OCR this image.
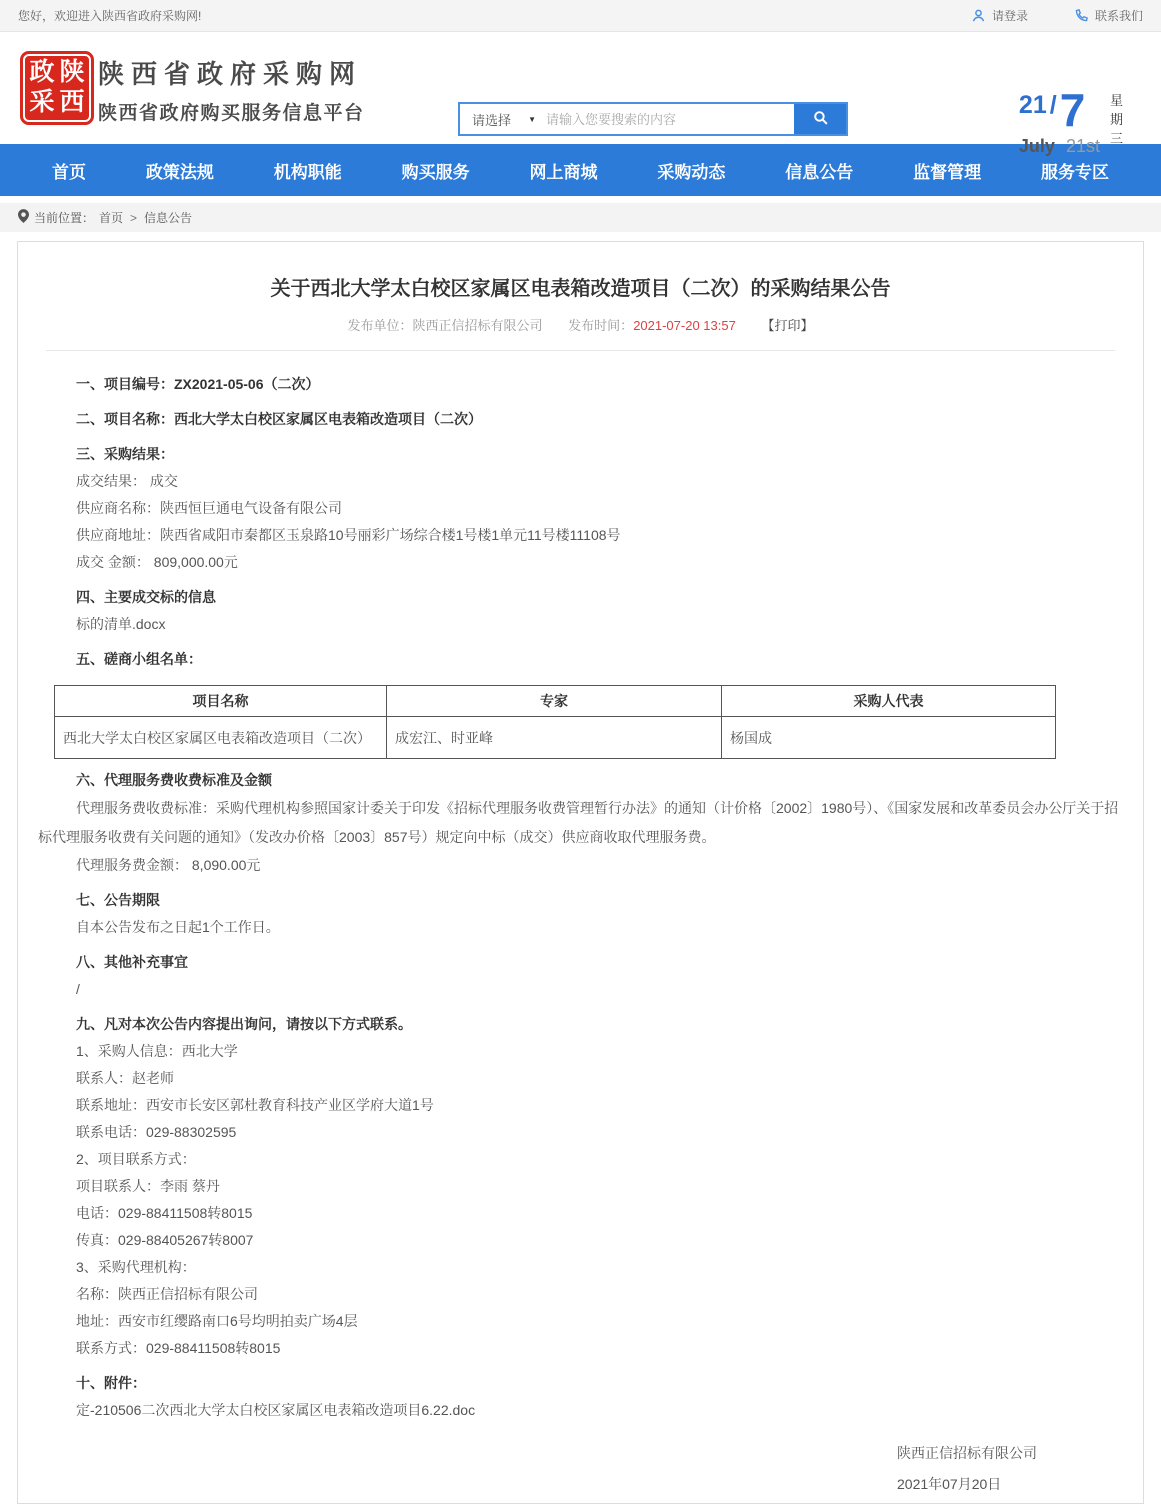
您好，欢迎进入陕西省政府采购网!	请登录	联系我们
政 陕
采 西
陕西省政府采购网
陕西省政府购买服务信息平台	请选择 ▼
请输入您要搜索的内容	21 / 7
July 21st
星期三
首页	政策法规	机构职能	购买服务	网上商城	采购动态	信息公告	监督管理	服务专区
当前位置： 首页 > 信息公告
关于西北大学太白校区家属区电表箱改造项目（二次）的采购结果公告
发布单位：陕西正信招标有限公司 发布时间：2021-07-20 13:57 【打印】

一、项目编号：ZX2021-05-06（二次）

二、项目名称：西北大学太白校区家属区电表箱改造项目（二次）

三、采购结果：

成交结果： 成交

供应商名称：陕西恒巨通电气设备有限公司

供应商地址：陕西省咸阳市秦都区玉泉路10号丽彩广场综合楼1号楼1单元11号楼11108号

成交 金额： 809,000.00元

四、主要成交标的信息

标的清单.docx

五、磋商小组名单：

项目名称	专家	采购人代表
西北大学太白校区家属区电表箱改造项目（二次）	成宏江、时亚峰	杨国成

六、代理服务费收费标准及金额

代理服务费收费标准：采购代理机构参照国家计委关于印发《招标代理服务收费管理暂行办法》的通知（计价格〔2002〕1980号）、《国家发展和改革委员会办公厅关于招标代理服务收费有关问题的通知》（发改办价格〔2003〕857号）规定向中标（成交）供应商收取代理服务费。

代理服务费金额： 8,090.00元

七、公告期限

自本公告发布之日起1个工作日。

八、其他补充事宜

/

九、凡对本次公告内容提出询问，请按以下方式联系。

1、采购人信息：西北大学

联系人：赵老师

联系地址：西安市长安区郭杜教育科技产业区学府大道1号

联系电话：029-88302595

2、项目联系方式：

项目联系人：李雨 蔡丹

电话：029-88411508转8015

传真：029-88405267转8007

3、采购代理机构：

名称：陕西正信招标有限公司

地址：西安市红缨路南口6号均明拍卖广场4层

联系方式：029-88411508转8015

十、附件：

定-210506二次西北大学太白校区家属区电表箱改造项目6.22.doc

陕西正信招标有限公司
2021年07月20日
